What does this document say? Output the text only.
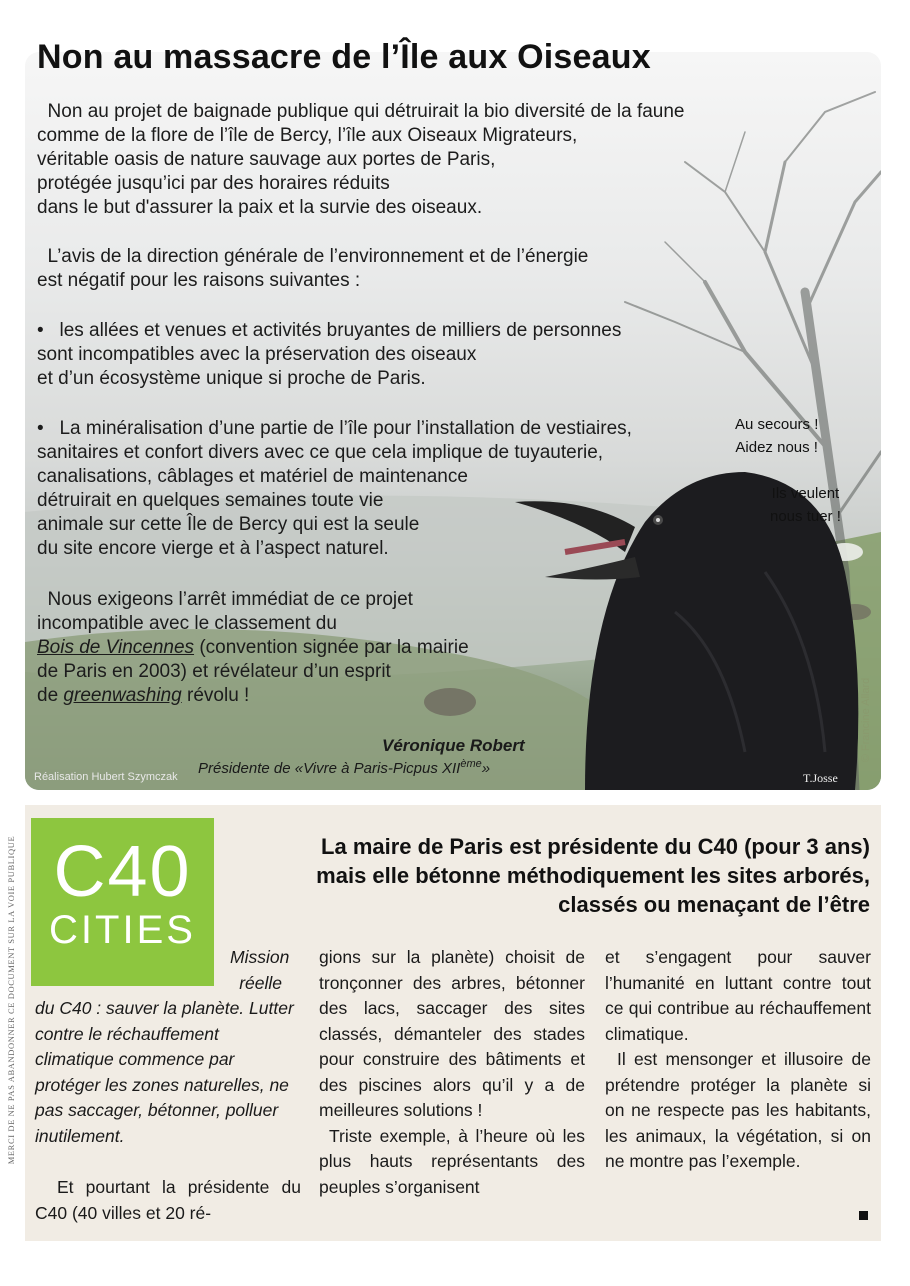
Non au massacre de l’Île aux Oiseaux

Non au projet de baignade publique qui détruirait la bio diversité de la faune

comme de la flore de l’île de Bercy, l’île aux Oiseaux Migrateurs,

véritable oasis de nature sauvage aux portes de Paris,

protégée jusqu’ici par des horaires réduits

dans le but d'assurer la paix et la survie des oiseaux.

L’avis de la direction générale de l’environnement et de l’énergie

est négatif pour les raisons suivantes :

•   les allées et venues et activités bruyantes de milliers de personnes

sont incompatibles avec la préservation des oiseaux

et d’un écosystème unique si proche de Paris.

•   La minéralisation d’une partie de l’île pour l’installation de vestiaires,

sanitaires et confort divers avec ce que cela implique de tuyauterie,

canalisations, câblages et matériel de maintenance

détruirait en quelques semaines toute vie

animale sur cette Île de Bercy qui est la seule

du site encore vierge et à l’aspect naturel.

Nous exigeons l’arrêt immédiat de ce projet

incompatible avec le classement du

Bois de Vincennes (convention signée par la mairie

de Paris en 2003) et révélateur d’un esprit

de greenwashing révolu !

Au secours !
Aidez nous !
Ils veulent
nous tuer !
Véronique Robert
Présidente de «Vivre à Paris-Picpus XIIème»
Réalisation Hubert Szymczak	T.Josse
© Francine Allard
MERCI DE NE PAS ABANDONNER CE DOCUMENT SUR LA VOIE PUBLIQUE C40
CITIES
La maire de Paris est présidente du C40 (pour 3 ans)
mais elle bétonne méthodiquement les sites arborés,
classés ou menaçant de l’être
Mission
réelle

du C40 : sauver la planète. Lutter contre le réchauffement climatique commence par protéger les zones naturelles, ne pas saccager, bétonner, polluer inutilement.

Et pourtant la présidente du C40 (40 villes et 20 ré-

gions sur la planète) choisit de tronçonner des arbres, bétonner des lacs, saccager des sites classés, démanteler des stades pour construire des bâtiments et des piscines alors qu’il y a de meilleures solutions !

Triste exemple, à l’heure où les plus hauts représentants des peuples s’organisent

et s’engagent pour sauver l’humanité en luttant contre tout ce qui contribue au réchauffement climatique.

Il est mensonger et illusoire de prétendre protéger la planète si on ne respecte pas les habitants, les animaux, la végétation, si on ne montre pas l’exemple.
